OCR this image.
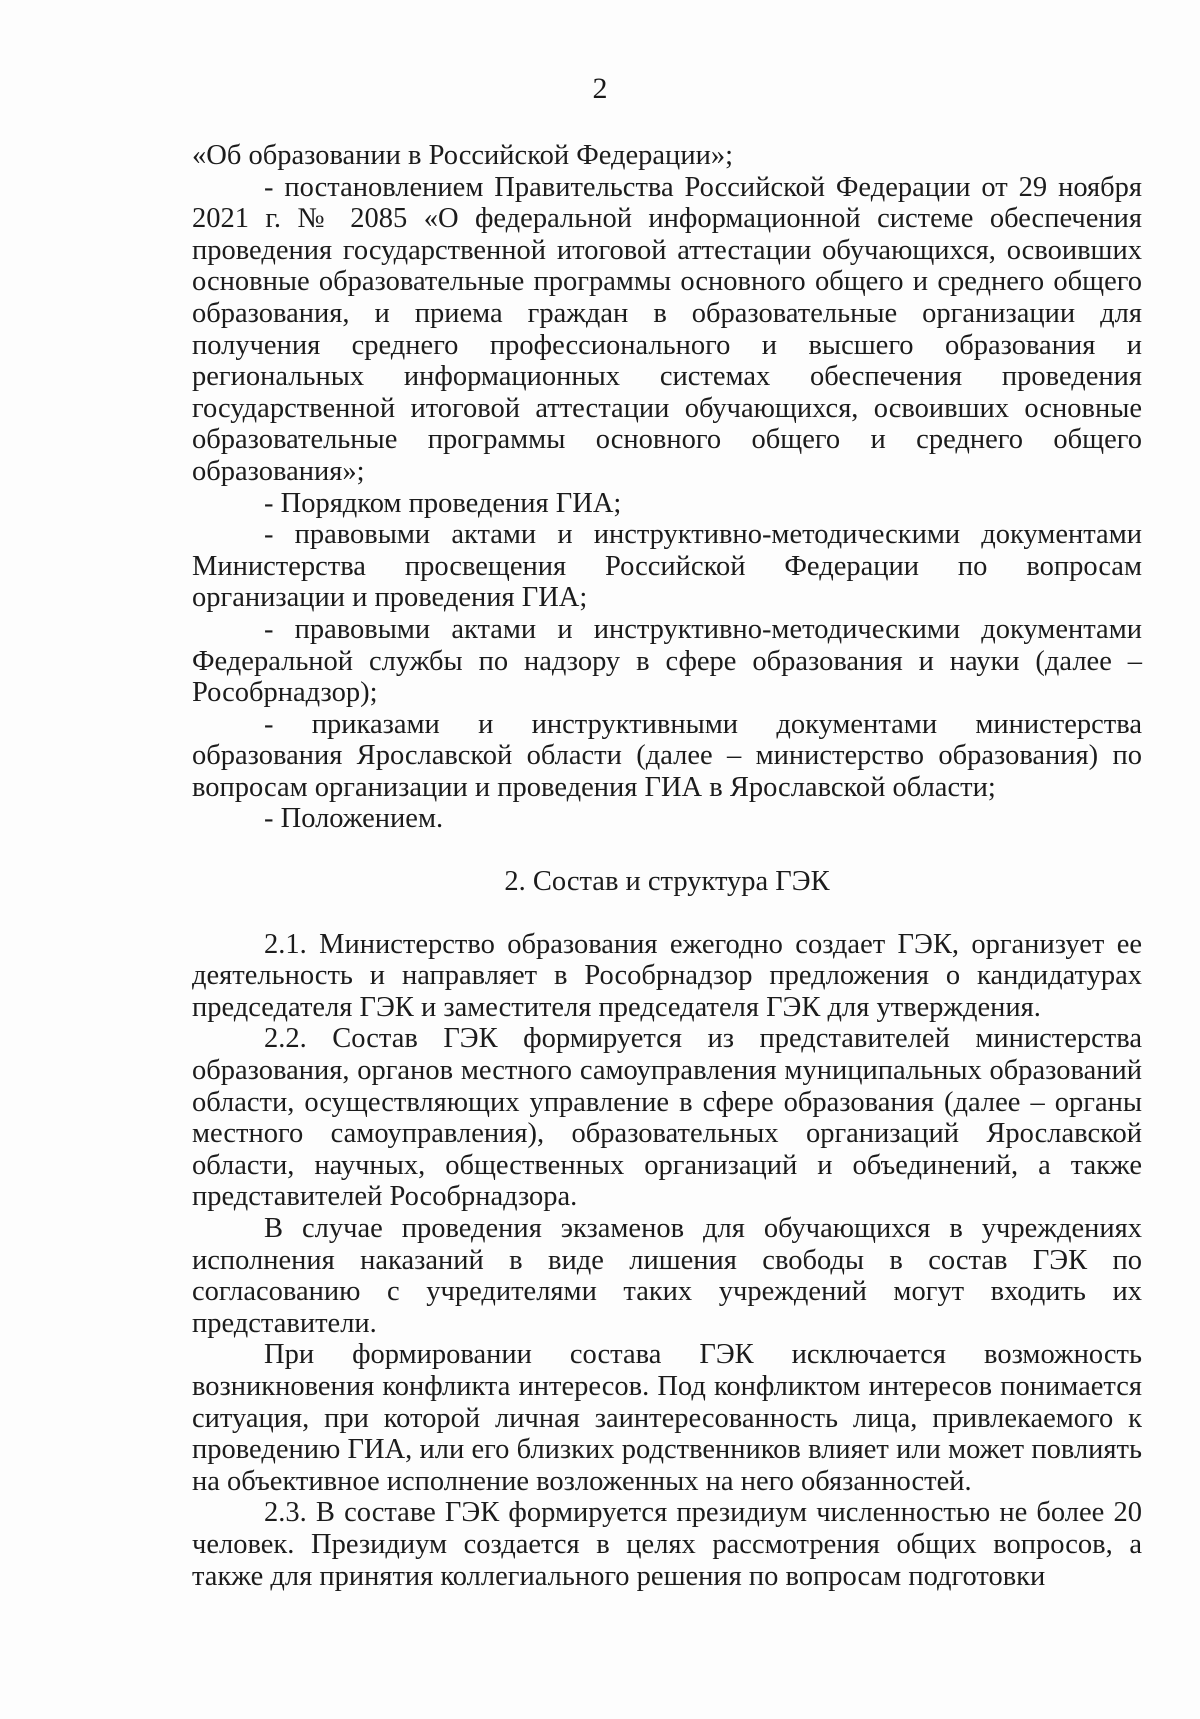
2

«Об образовании в Российской Федерации»;

- постановлением Правительства Российской Федерации от 29 ноября 2021 г. № 2085 «О федеральной информационной системе обеспечения проведения государственной итоговой аттестации обучающихся, освоивших основные образовательные программы основного общего и среднего общего образования, и приема граждан в образовательные организации для получения среднего профессионального и высшего образования и региональных информационных системах обеспечения проведения государственной итоговой аттестации обучающихся, освоивших основные образовательные программы основного общего и среднего общего образования»;

- Порядком проведения ГИА;

- правовыми актами и инструктивно-методическими документами Министерства просвещения Российской Федерации по вопросам организации и проведения ГИА;

- правовыми актами и инструктивно-методическими документами Федеральной службы по надзору в сфере образования и науки (далее – Рособрнадзор);

- приказами и инструктивными документами министерства образования Ярославской области (далее – министерство образования) по вопросам организации и проведения ГИА в Ярославской области;

- Положением.

2. Состав и структура ГЭК

2.1. Министерство образования ежегодно создает ГЭК, организует ее деятельность и направляет в Рособрнадзор предложения о кандидатурах председателя ГЭК и заместителя председателя ГЭК для утверждения.

2.2. Состав ГЭК формируется из представителей министерства образования, органов местного самоуправления муниципальных образований области, осуществляющих управление в сфере образования (далее – органы местного самоуправления), образовательных организаций Ярославской области, научных, общественных организаций и объединений, а также представителей Рособрнадзора.

В случае проведения экзаменов для обучающихся в учреждениях исполнения наказаний в виде лишения свободы в состав ГЭК по согласованию с учредителями таких учреждений могут входить их представители.

При формировании состава ГЭК исключается возможность возникновения конфликта интересов. Под конфликтом интересов понимается ситуация, при которой личная заинтересованность лица, привлекаемого к проведению ГИА, или его близких родственников влияет или может повлиять на объективное исполнение возложенных на него обязанностей.

2.3. В составе ГЭК формируется президиум численностью не более 20 человек. Президиум создается в целях рассмотрения общих вопросов, а также для принятия коллегиального решения по вопросам подготовки
